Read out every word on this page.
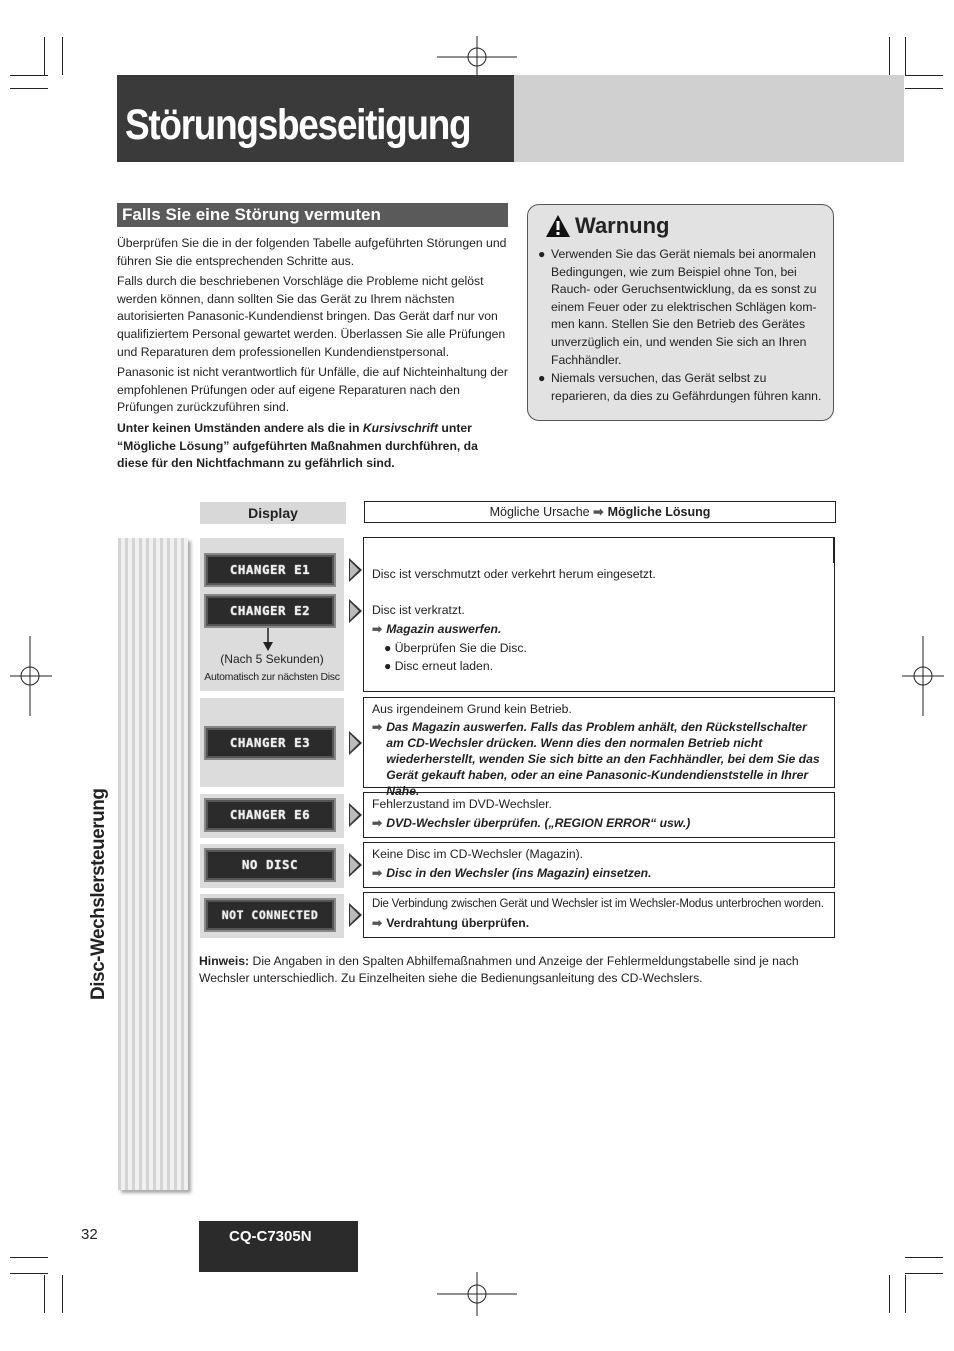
Störungsbeseitigung
Falls Sie eine Störung vermuten

Überprüfen Sie die in der folgenden Tabelle aufgeführten Störungen und führen Sie die entsprechenden Schritte aus.

Falls durch die beschriebenen Vorschläge die Probleme nicht gelöst werden können, dann sollten Sie das Gerät zu Ihrem nächsten autorisierten Panasonic-Kundendienst bringen. Das Gerät darf nur von qualifiziertem Personal gewartet werden. Überlassen Sie alle Prüfungen und Reparaturen dem professionellen Kundendienstpersonal.

Panasonic ist nicht verantwortlich für Unfälle, die auf Nichteinhaltung der empfohlenen Prüfungen oder auf eigene Reparaturen nach den Prüfungen zurückzuführen sind.

Unter keinen Umständen andere als die in Kursivschrift unter “Mögliche Lösung” aufgeführten Maßnahmen durchführen, da diese für den Nichtfachmann zu gefährlich sind.

Warnung
● Verwenden Sie das Gerät niemals bei anormalen Bedingungen, wie zum Beispiel ohne Ton, bei Rauch- oder Geruchsentwicklung, da es sonst zu einem Feuer oder zu elektrischen Schlägen kom-men kann. Stellen Sie den Betrieb des Gerätes unverzüglich ein, und wenden Sie sich an Ihren Fachhändler.
● Niemals versuchen, das Gerät selbst zu reparieren, da dies zu Gefährdungen führen kann.
Display	Mögliche Ursache ➡ Mögliche Lösung
Disc-Wechslersteuerung
CHANGER E1
CHANGER E2
(Nach 5 Sekunden)
Automatisch zur nächsten Disc
CHANGER E3
CHANGER E6
NO DISC
NOT CONNECTED
Disc ist verschmutzt oder verkehrt herum eingesetzt.
Disc ist verkratzt.
➡ Magazin auswerfen.
● Überprüfen Sie die Disc.
● Disc erneut laden.
Aus irgendeinem Grund kein Betrieb.
➡ Das Magazin auswerfen. Falls das Problem anhält, den Rückstellschalter am CD-Wechsler drücken. Wenn dies den normalen Betrieb nicht wiederherstellt, wenden Sie sich bitte an den Fachhändler, bei dem Sie das Gerät gekauft haben, oder an eine Panasonic-Kundendienststelle in Ihrer Nähe.
Fehlerzustand im DVD-Wechsler.
➡ DVD-Wechsler überprüfen. („REGION ERROR“ usw.)
Keine Disc im CD-Wechsler (Magazin).
➡ Disc in den Wechsler (ins Magazin) einsetzen.
Die Verbindung zwischen Gerät und Wechsler ist im Wechsler-Modus unterbrochen worden.
➡ Verdrahtung überprüfen.
Hinweis: Die Angaben in den Spalten Abhilfemaßnahmen und Anzeige der Fehlermeldungstabelle sind je nach Wechsler unterschiedlich. Zu Einzelheiten siehe die Bedienungsanleitung des CD-Wechslers.
32	CQ-C7305N
